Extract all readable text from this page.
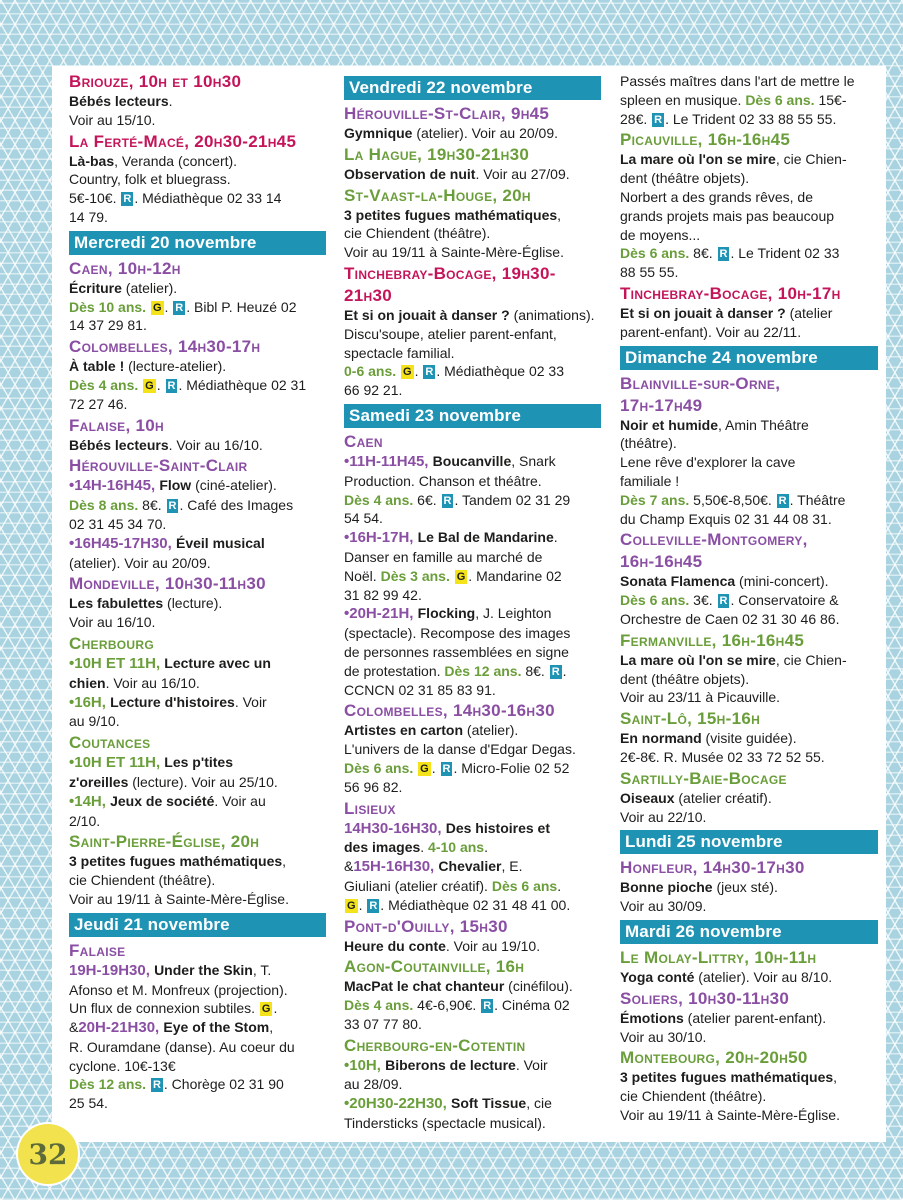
Briouze, 10h et 10h30
Bébés lecteurs.
Voir au 15/10.
La Ferté-Macé, 20h30-21h45
Là-bas, Veranda (concert).
Country, folk et bluegrass.
5€-10€. R . Médiathèque 02 33 14
14 79.
Mercredi 20 novembre
Caen, 10h-12h
Écriture (atelier).
Dès 10 ans. G . R . Bibl P. Heuzé 02
14 37 29 81.
Colombelles, 14h30-17h
À table ! (lecture-atelier).
Dès 4 ans. G . R . Médiathèque 02 31
72 27 46.
Falaise, 10h
Bébés lecteurs. Voir au 16/10.
Hérouville-Saint-Clair
•14H-16H45, Flow (ciné-atelier).
Dès 8 ans. 8€. R . Café des Images
02 31 45 34 70.
•16H45-17H30, Éveil musical
(atelier). Voir au 20/09.
Mondeville, 10h30-11h30
Les fabulettes (lecture).
Voir au 16/10.
Cherbourg
•10H ET 11H, Lecture avec un
chien. Voir au 16/10.
•16H, Lecture d'histoires. Voir
au 9/10.
Coutances
•10H ET 11H, Les p'tites
z'oreilles (lecture). Voir au 25/10.
•14H, Jeux de société. Voir au
2/10.
Saint-Pierre-Église, 20h
3 petites fugues mathématiques,
cie Chiendent (théâtre).
Voir au 19/11 à Sainte-Mère-Église.
Jeudi 21 novembre
Falaise
19H-19H30, Under the Skin, T.
Afonso et M. Monfreux (projection).
Un flux de connexion subtiles. G .
&20H-21H30, Eye of the Stom,
R. Ouramdane (danse). Au coeur du
cyclone. 10€-13€
Dès 12 ans. R . Chorège 02 31 90
25 54.
Vendredi 22 novembre
Hérouville-St-Clair, 9h45
Gymnique (atelier). Voir au 20/09.
La Hague, 19h30-21h30
Observation de nuit. Voir au 27/09.
St-Vaast-la-Houge, 20h
3 petites fugues mathématiques,
cie Chiendent (théâtre).
Voir au 19/11 à Sainte-Mère-Église.
Tinchebray-Bocage, 19h30-
21h30
Et si on jouait à danser ? (animations).
Discu'soupe, atelier parent-enfant,
spectacle familial.
0-6 ans. G . R . Médiathèque 02 33
66 92 21.
Samedi 23 novembre
Caen
•11H-11H45, Boucanville, Snark
Production. Chanson et théâtre.
Dès 4 ans. 6€. R . Tandem 02 31 29
54 54.
•16H-17H, Le Bal de Mandarine.
Danser en famille au marché de
Noël. Dès 3 ans. G . Mandarine 02
31 82 99 42.
•20H-21H, Flocking, J. Leighton
(spectacle). Recompose des images
de personnes rassemblées en signe
de protestation. Dès 12 ans. 8€. R .
CCNCN 02 31 85 83 91.
Colombelles, 14h30-16h30
Artistes en carton (atelier).
L'univers de la danse d'Edgar Degas.
Dès 6 ans. G . R . Micro-Folie 02 52
56 96 82.
Lisieux
14H30-16H30, Des histoires et
des images. 4-10 ans.
&15H-16H30, Chevalier, E.
Giuliani (atelier créatif). Dès 6 ans.
G . R . Médiathèque 02 31 48 41 00.
Pont-d'Ouilly, 15h30
Heure du conte. Voir au 19/10.
Agon-Coutainville, 16h
MacPat le chat chanteur (cinéfilou).
Dès 4 ans. 4€-6,90€. R . Cinéma 02
33 07 77 80.
Cherbourg-en-Cotentin
•10H, Biberons de lecture. Voir
au 28/09.
•20H30-22H30, Soft Tissue, cie
Tindersticks (spectacle musical).
Passés maîtres dans l'art de mettre le
spleen en musique. Dès 6 ans. 15€-
28€. R . Le Trident 02 33 88 55 55.
Picauville, 16h-16h45
La mare où l'on se mire, cie Chien-
dent (théâtre objets).
Norbert a des grands rêves, de
grands projets mais pas beaucoup
de moyens...
Dès 6 ans. 8€. R . Le Trident 02 33
88 55 55.
Tinchebray-Bocage, 10h-17h
Et si on jouait à danser ? (atelier
parent-enfant). Voir au 22/11.
Dimanche 24 novembre
Blainville-sur-Orne,
17h-17h49
Noir et humide, Amin Théâtre
(théâtre).
Lene rêve d'explorer la cave
familiale !
Dès 7 ans. 5,50€-8,50€. R . Théâtre
du Champ Exquis 02 31 44 08 31.
Colleville-Montgomery,
16h-16h45
Sonata Flamenca (mini-concert).
Dès 6 ans. 3€. R . Conservatoire &
Orchestre de Caen 02 31 30 46 86.
Fermanville, 16h-16h45
La mare où l'on se mire, cie Chien-
dent (théâtre objets).
Voir au 23/11 à Picauville.
Saint-Lô, 15h-16h
En normand (visite guidée).
2€-8€. R. Musée 02 33 72 52 55.
Sartilly-Baie-Bocage
Oiseaux (atelier créatif).
Voir au 22/10.
Lundi 25 novembre
Honfleur, 14h30-17h30
Bonne pioche (jeux sté).
Voir au 30/09.
Mardi 26 novembre
Le Molay-Littry, 10h-11h
Yoga conté (atelier). Voir au 8/10.
Soliers, 10h30-11h30
Émotions (atelier parent-enfant).
Voir au 30/10.
Montebourg, 20h-20h50
3 petites fugues mathématiques,
cie Chiendent (théâtre).
Voir au 19/11 à Sainte-Mère-Église.
32
